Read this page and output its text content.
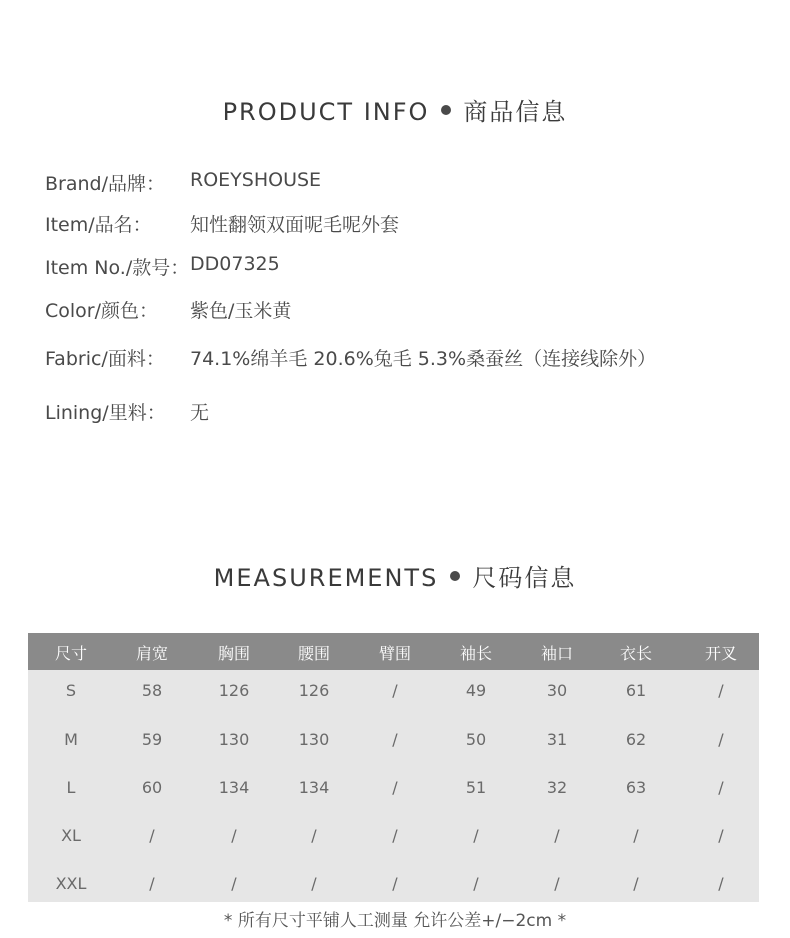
PRODUCT INFO 商品信息
Brand/品牌： ROEYSHOUSE
Item/品名： 知性翻领双面呢毛呢外套
Item No./款号： DD07325
Color/颜色： 紫色/玉米黄
Fabric/面料： 74.1%绵羊毛 20.6%兔毛 5.3%桑蚕丝（连接线除外）
Lining/里料： 无
MEASUREMENTS 尺码信息
尺寸	肩宽	胸围	腰围	臂围	袖长	袖口	衣长	开叉
S	58	126	126	/	49	30	61	/
M	59	130	130	/	50	31	62	/
L	60	134	134	/	51	32	63	/
XL	/	/	/	/	/	/	/	/
XXL	/	/	/	/	/	/	/	/
* 所有尺寸平铺人工测量 允许公差+/−2cm *
